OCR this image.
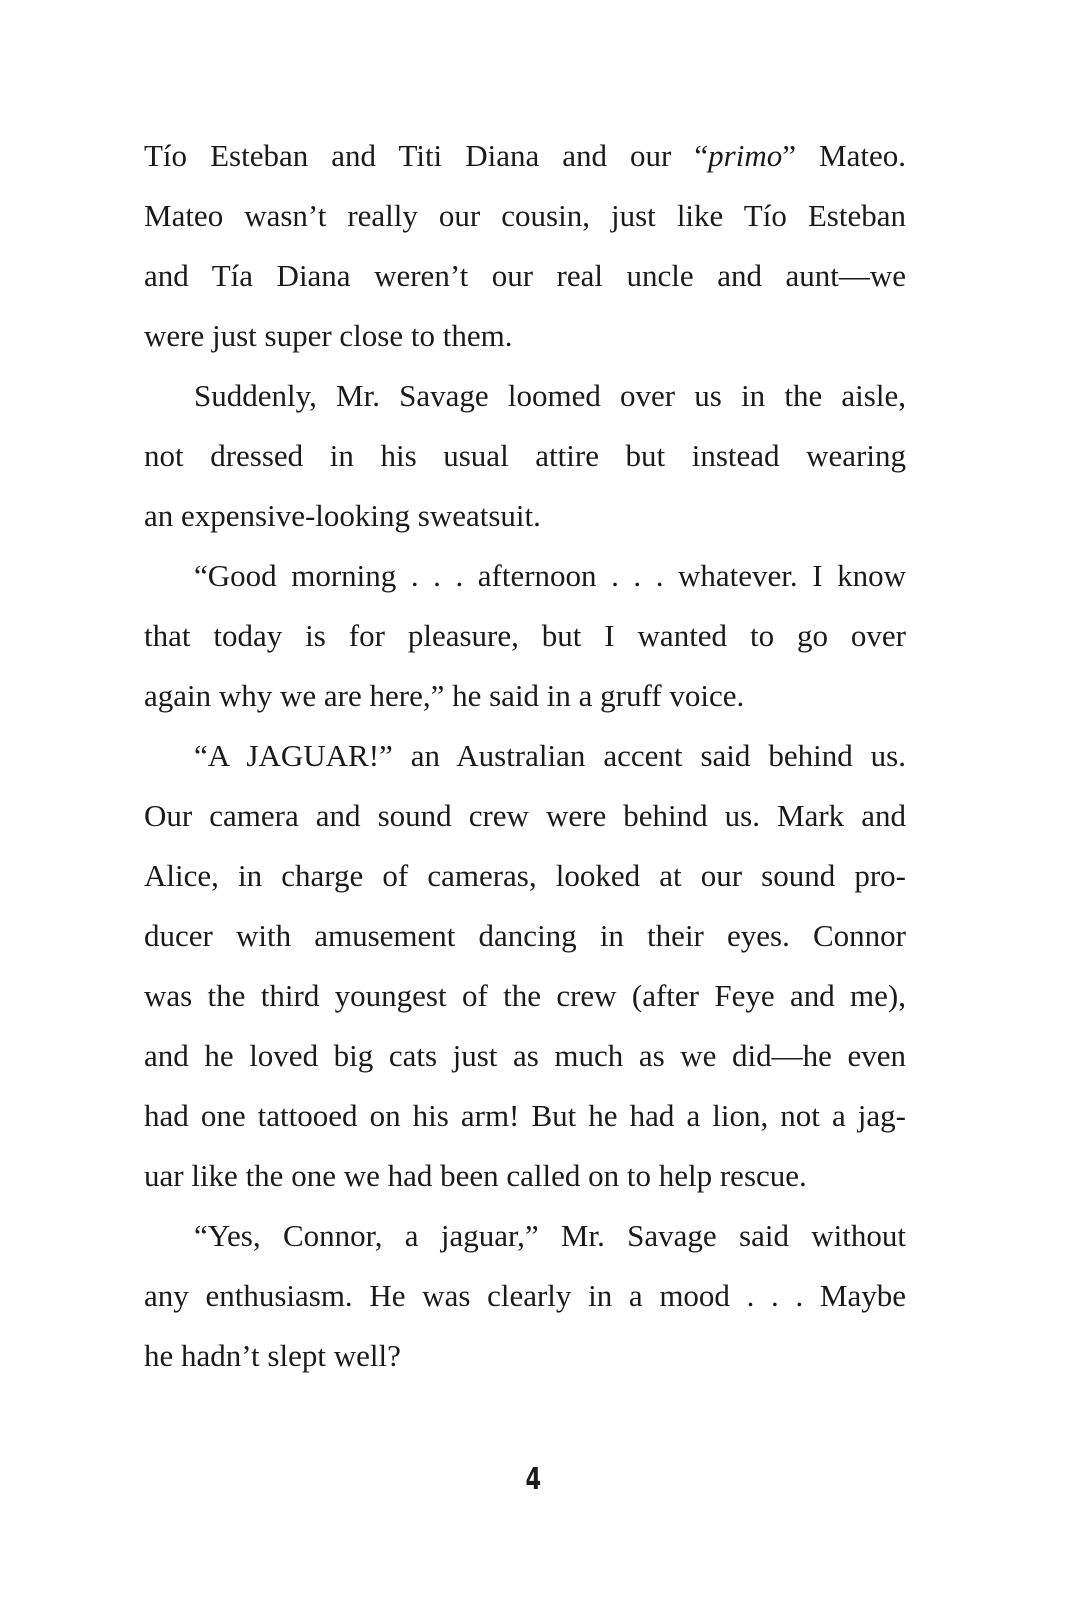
Tío Esteban and Titi Diana and our “primo” Mateo.
Mateo wasn’t really our cousin, just like Tío Esteban
and Tía Diana weren’t our real uncle and aunt—we
were just super close to them.
Suddenly, Mr. Savage loomed over us in the aisle,
not dressed in his usual attire but instead wearing
an expensive-looking sweatsuit.
“Good morning . . . afternoon . . . whatever. I know
that today is for pleasure, but I wanted to go over
again why we are here,” he said in a gruff voice.
“A JAGUAR!” an Australian accent said behind us.
Our camera and sound crew were behind us. Mark and
Alice, in charge of cameras, looked at our sound pro-
ducer with amusement dancing in their eyes. Connor
was the third youngest of the crew (after Feye and me),
and he loved big cats just as much as we did—he even
had one tattooed on his arm! But he had a lion, not a jag-
uar like the one we had been called on to help rescue.
“Yes, Connor, a jaguar,” Mr. Savage said without
any enthusiasm. He was clearly in a mood . . . Maybe
he hadn’t slept well?
4
